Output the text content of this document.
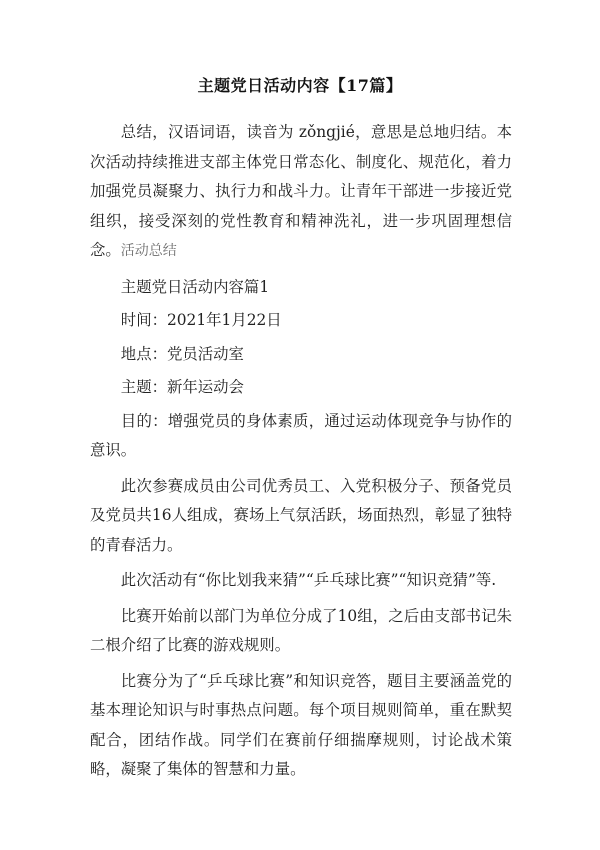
主题党日活动内容【17篇】

总结，汉语词语，读音为 zǒngjié，意思是总地归结。本次活动持续推进支部主体党日常态化、制度化、规范化，着力加强党员凝聚力、执行力和战斗力。让青年干部进一步接近党组织，接受深刻的党性教育和精神洗礼，进一步巩固理想信念。活动总结

主题党日活动内容篇1

时间：2021年1月22日

地点：党员活动室

主题：新年运动会

目的：增强党员的身体素质，通过运动体现竞争与协作的意识。

此次参赛成员由公司优秀员工、入党积极分子、预备党员及党员共16人组成，赛场上气氛活跃，场面热烈，彰显了独特的青春活力。

此次活动有“你比划我来猜”“乒乓球比赛”“知识竞猜”等.

比赛开始前以部门为单位分成了10组，之后由支部书记朱二根介绍了比赛的游戏规则。

比赛分为了“乒乓球比赛”和知识竞答，题目主要涵盖党的基本理论知识与时事热点问题。每个项目规则简单，重在默契配合，团结作战。同学们在赛前仔细揣摩规则，讨论战术策略，凝聚了集体的智慧和力量。
